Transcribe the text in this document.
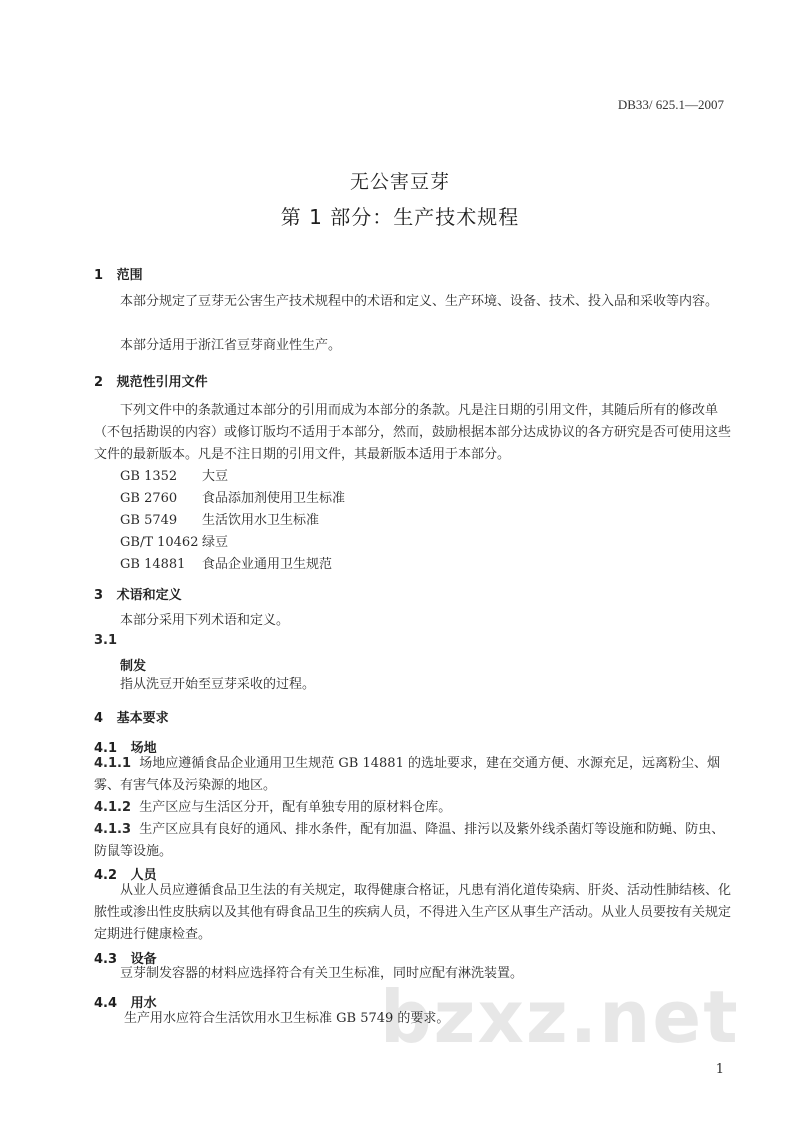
DB33/ 625.1—2007
无公害豆芽
第 1 部分：生产技术规程
1 范围
本部分规定了豆芽无公害生产技术规程中的术语和定义、生产环境、设备、技术、投入品和采收等内容。
本部分适用于浙江省豆芽商业性生产。
2 规范性引用文件
下列文件中的条款通过本部分的引用而成为本部分的条款。凡是注日期的引用文件，其随后所有的修改单（不包括勘误的内容）或修订版均不适用于本部分，然而，鼓励根据本部分达成协议的各方研究是否可使用这些文件的最新版本。凡是不注日期的引用文件，其最新版本适用于本部分。
GB 1352 大豆
GB 2760 食品添加剂使用卫生标准
GB 5749 生活饮用水卫生标准
GB/T 10462 绿豆
GB 14881 食品企业通用卫生规范
3 术语和定义
本部分采用下列术语和定义。
3.1
制发
指从洗豆开始至豆芽采收的过程。
4 基本要求
4.1 场地
4.1.1 场地应遵循食品企业通用卫生规范 GB 14881 的选址要求，建在交通方便、水源充足，远离粉尘、烟雾、有害气体及污染源的地区。
4.1.2 生产区应与生活区分开，配有单独专用的原材料仓库。
4.1.3 生产区应具有良好的通风、排水条件，配有加温、降温、排污以及紫外线杀菌灯等设施和防蝇、防虫、防鼠等设施。
4.2 人员
从业人员应遵循食品卫生法的有关规定，取得健康合格证，凡患有消化道传染病、肝炎、活动性肺结核、化脓性或渗出性皮肤病以及其他有碍食品卫生的疾病人员，不得进入生产区从事生产活动。从业人员要按有关规定定期进行健康检查。
4.3 设备
豆芽制发容器的材料应选择符合有关卫生标准，同时应配有淋洗装置。
4.4 用水
生产用水应符合生活饮用水卫生标准 GB 5749 的要求。
bzxz.net
1
